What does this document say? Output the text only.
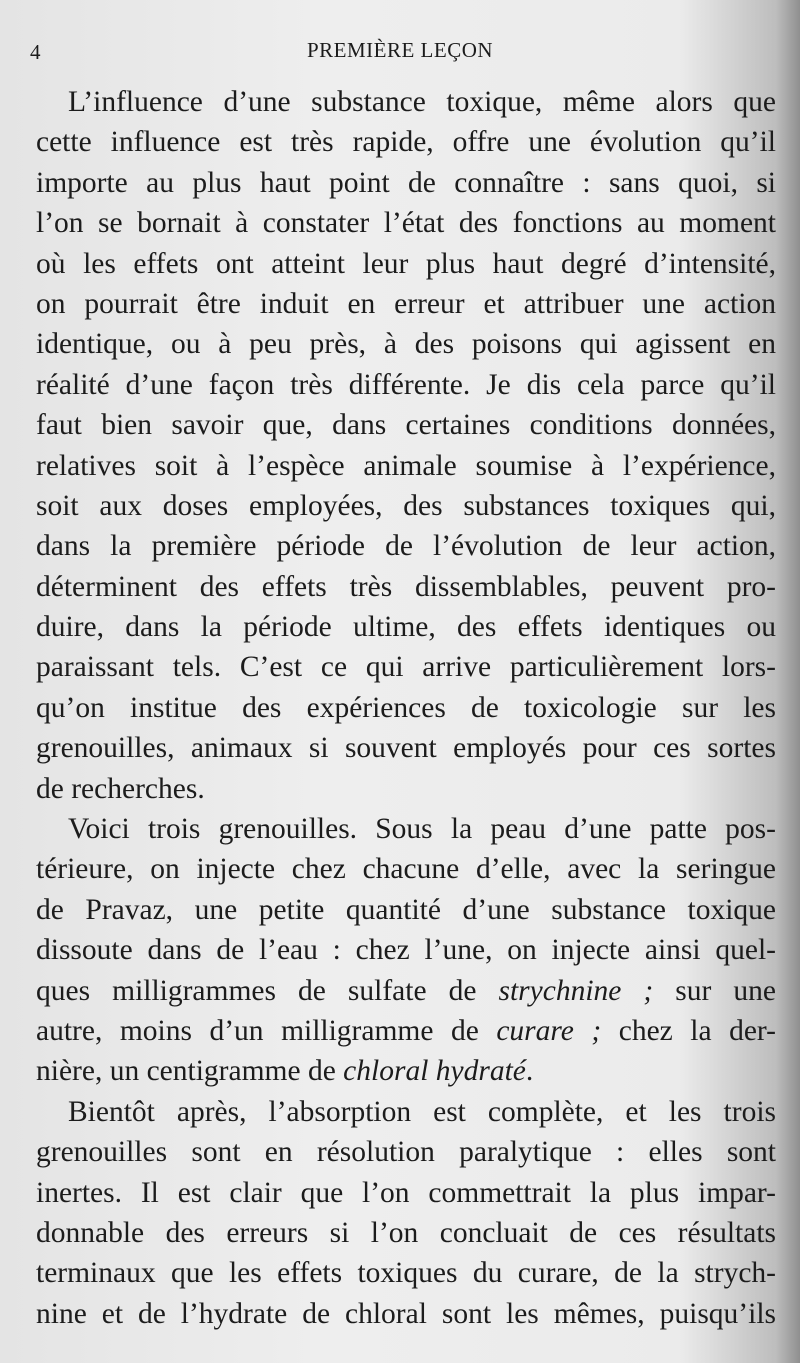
4	PREMIÈRE LEÇON
L’influence d’une substance toxique, même alors que
cette influence est très rapide, offre une évolution qu’il
importe au plus haut point de connaître : sans quoi, si
l’on se bornait à constater l’état des fonctions au moment
où les effets ont atteint leur plus haut degré d’intensité,
on pourrait être induit en erreur et attribuer une action
identique, ou à peu près, à des poisons qui agissent en
réalité d’une façon très différente. Je dis cela parce qu’il
faut bien savoir que, dans certaines conditions données,
relatives soit à l’espèce animale soumise à l’expérience,
soit aux doses employées, des substances toxiques qui,
dans la première période de l’évolution de leur action,
déterminent des effets très dissemblables, peuvent pro-
duire, dans la période ultime, des effets identiques ou
paraissant tels. C’est ce qui arrive particulièrement lors-
qu’on institue des expériences de toxicologie sur les
grenouilles, animaux si souvent employés pour ces sortes
de recherches.
Voici trois grenouilles. Sous la peau d’une patte pos-
térieure, on injecte chez chacune d’elle, avec la seringue
de Pravaz, une petite quantité d’une substance toxique
dissoute dans de l’eau : chez l’une, on injecte ainsi quel-
ques milligrammes de sulfate de strychnine ; sur une
autre, moins d’un milligramme de curare ; chez la der-
nière, un centigramme de chloral hydraté.
Bientôt après, l’absorption est complète, et les trois
grenouilles sont en résolution paralytique : elles sont
inertes. Il est clair que l’on commettrait la plus impar-
donnable des erreurs si l’on concluait de ces résultats
terminaux que les effets toxiques du curare, de la strych-
nine et de l’hydrate de chloral sont les mêmes, puisqu’ils
